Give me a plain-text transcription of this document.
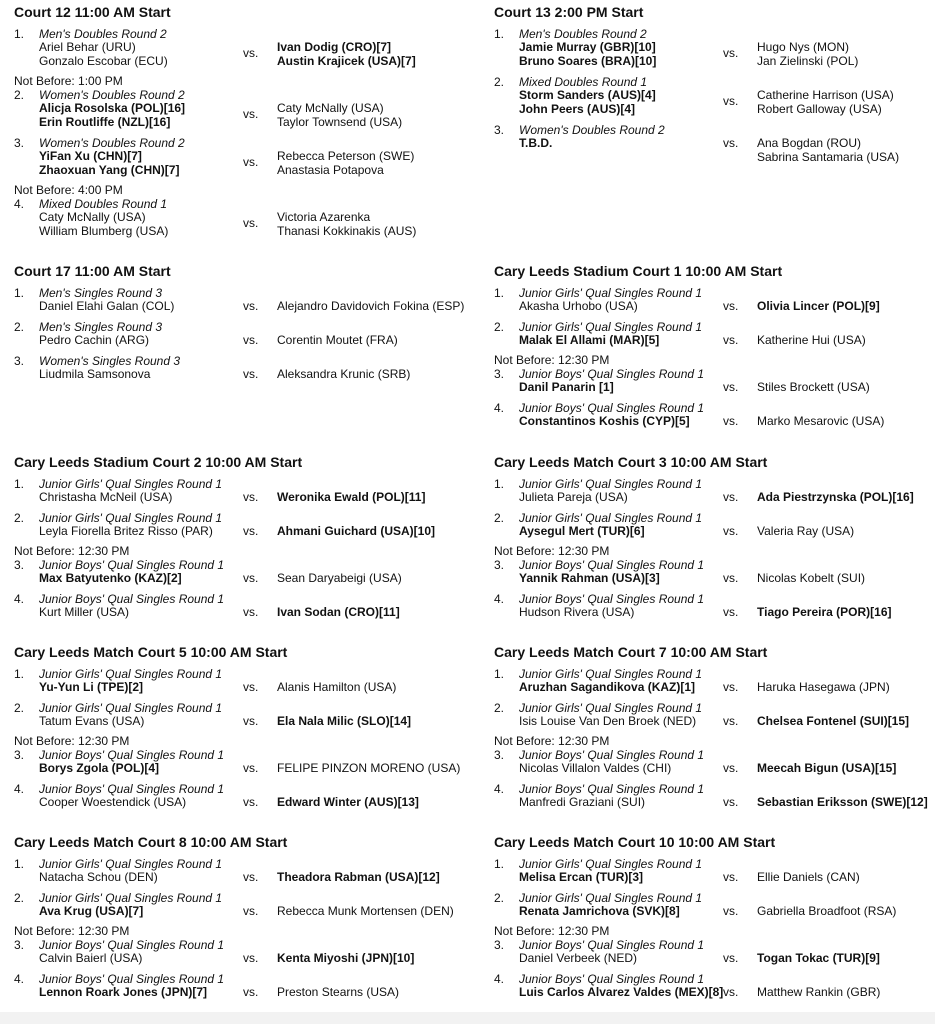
Court 12 11:00 AM Start
1. Men's Doubles Round 2
Ariel Behar (URU)
Gonzalo Escobar (ECU)
vs. Ivan Dodig (CRO)[7]
Austin Krajicek (USA)[7]
Not Before: 1:00 PM
2. Women's Doubles Round 2
Alicja Rosolska (POL)[16]
Erin Routliffe (NZL)[16]
vs. Caty McNally (USA)
Taylor Townsend (USA)
3. Women's Doubles Round 2
YiFan Xu (CHN)[7]
Zhaoxuan Yang (CHN)[7]
vs. Rebecca Peterson (SWE)
Anastasia Potapova
Not Before: 4:00 PM
4. Mixed Doubles Round 1
Caty McNally (USA)
William Blumberg (USA)
vs. Victoria Azarenka
Thanasi Kokkinakis (AUS)
Court 13 2:00 PM Start
1. Men's Doubles Round 2
Jamie Murray (GBR)[10]
Bruno Soares (BRA)[10]
vs. Hugo Nys (MON)
Jan Zielinski (POL)
2. Mixed Doubles Round 1
Storm Sanders (AUS)[4]
John Peers (AUS)[4]
vs. Catherine Harrison (USA)
Robert Galloway (USA)
3. Women's Doubles Round 2
T.B.D.	vs. Ana Bogdan (ROU)
Sabrina Santamaria (USA)
Court 17 11:00 AM Start
1. Men's Singles Round 3
Daniel Elahi Galan (COL)	vs. Alejandro Davidovich Fokina (ESP)
2. Men's Singles Round 3
Pedro Cachin (ARG)	vs. Corentin Moutet (FRA)
3. Women's Singles Round 3
Liudmila Samsonova	vs. Aleksandra Krunic (SRB)
Cary Leeds Stadium Court 1 10:00 AM Start
1. Junior Girls' Qual Singles Round 1
Akasha Urhobo (USA)	vs. Olivia Lincer (POL)[9]
2. Junior Girls' Qual Singles Round 1
Malak El Allami (MAR)[5]	vs. Katherine Hui (USA)
Not Before: 12:30 PM
3. Junior Boys' Qual Singles Round 1
Danil Panarin [1]	vs. Stiles Brockett (USA)
4. Junior Boys' Qual Singles Round 1
Constantinos Koshis (CYP)[5]	vs. Marko Mesarovic (USA)
Cary Leeds Stadium Court 2 10:00 AM Start
1. Junior Girls' Qual Singles Round 1
Christasha McNeil (USA)	vs. Weronika Ewald (POL)[11]
2. Junior Girls' Qual Singles Round 1
Leyla Fiorella Britez Risso (PAR)	vs. Ahmani Guichard (USA)[10]
Not Before: 12:30 PM
3. Junior Boys' Qual Singles Round 1
Max Batyutenko (KAZ)[2]	vs. Sean Daryabeigi (USA)
4. Junior Boys' Qual Singles Round 1
Kurt Miller (USA)	vs. Ivan Sodan (CRO)[11]
Cary Leeds Match Court 3 10:00 AM Start
1. Junior Girls' Qual Singles Round 1
Julieta Pareja (USA)	vs. Ada Piestrzynska (POL)[16]
2. Junior Girls' Qual Singles Round 1
Aysegul Mert (TUR)[6]	vs. Valeria Ray (USA)
Not Before: 12:30 PM
3. Junior Boys' Qual Singles Round 1
Yannik Rahman (USA)[3]	vs. Nicolas Kobelt (SUI)
4. Junior Boys' Qual Singles Round 1
Hudson Rivera (USA)	vs. Tiago Pereira (POR)[16]
Cary Leeds Match Court 5 10:00 AM Start
1. Junior Girls' Qual Singles Round 1
Yu-Yun Li (TPE)[2]	vs. Alanis Hamilton (USA)
2. Junior Girls' Qual Singles Round 1
Tatum Evans (USA)	vs. Ela Nala Milic (SLO)[14]
Not Before: 12:30 PM
3. Junior Boys' Qual Singles Round 1
Borys Zgola (POL)[4]	vs. FELIPE PINZON MORENO (USA)
4. Junior Boys' Qual Singles Round 1
Cooper Woestendick (USA)	vs. Edward Winter (AUS)[13]
Cary Leeds Match Court 7 10:00 AM Start
1. Junior Girls' Qual Singles Round 1
Aruzhan Sagandikova (KAZ)[1] vs. Haruka Hasegawa (JPN)
2. Junior Girls' Qual Singles Round 1
Isis Louise Van Den Broek (NED) vs. Chelsea Fontenel (SUI)[15]
Not Before: 12:30 PM
3. Junior Boys' Qual Singles Round 1
Nicolas Villalon Valdes (CHI)	vs. Meecah Bigun (USA)[15]
4. Junior Boys' Qual Singles Round 1
Manfredi Graziani (SUI)	vs. Sebastian Eriksson (SWE)[12]
Cary Leeds Match Court 8 10:00 AM Start
1. Junior Girls' Qual Singles Round 1
Natacha Schou (DEN)	vs. Theadora Rabman (USA)[12]
2. Junior Girls' Qual Singles Round 1
Ava Krug (USA)[7]	vs. Rebecca Munk Mortensen (DEN)
Not Before: 12:30 PM
3. Junior Boys' Qual Singles Round 1
Calvin Baierl (USA)	vs. Kenta Miyoshi (JPN)[10]
4. Junior Boys' Qual Singles Round 1
Lennon Roark Jones (JPN)[7]	vs. Preston Stearns (USA)
Cary Leeds Match Court 10 10:00 AM Start
1. Junior Girls' Qual Singles Round 1
Melisa Ercan (TUR)[3]	vs. Ellie Daniels (CAN)
2. Junior Girls' Qual Singles Round 1
Renata Jamrichova (SVK)[8]	vs. Gabriella Broadfoot (RSA)
Not Before: 12:30 PM
3. Junior Boys' Qual Singles Round 1
Daniel Verbeek (NED)	vs. Togan Tokac (TUR)[9]
4. Junior Boys' Qual Singles Round 1
Luis Carlos Alvarez Valdes (MEX)[8] vs. Matthew Rankin (GBR)
